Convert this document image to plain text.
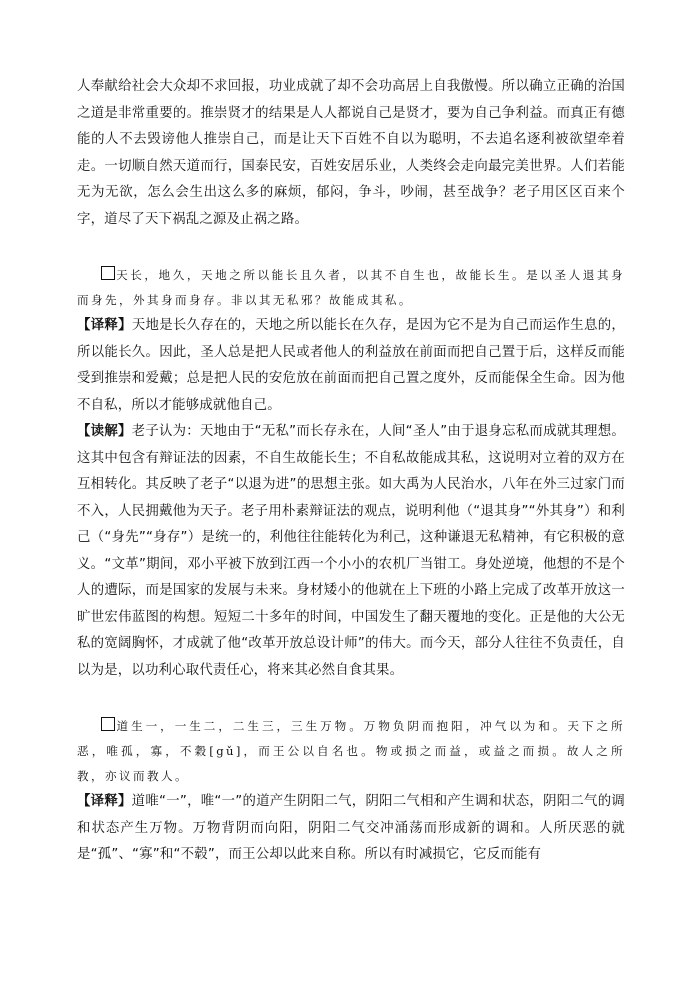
人奉献给社会大众却不求回报，功业成就了却不会功高居上自我傲慢。所以确立正确的治国之道是非常重要的。推崇贤才的结果是人人都说自己是贤才，要为自己争利益。而真正有德能的人不去毁谤他人推崇自己，而是让天下百姓不自以为聪明，不去追名逐利被欲望牵着走。一切顺自然天道而行，国泰民安，百姓安居乐业，人类终会走向最完美世界。人们若能无为无欲，怎么会生出这么多的麻烦，郁闷，争斗，吵闹，甚至战争？老子用区区百来个字，道尽了天下祸乱之源及止祸之路。

天长，地久，天地之所以能长且久者，以其不自生也，故能长生。是以圣人退其身而身先，外其身而身存。非以其无私邪？故能成其私。

【译释】天地是长久存在的，天地之所以能长在久存，是因为它不是为自己而运作生息的，所以能长久。因此，圣人总是把人民或者他人的利益放在前面而把自己置于后，这样反而能受到推崇和爱戴；总是把人民的安危放在前面而把自己置之度外，反而能保全生命。因为他不自私，所以才能够成就他自己。

【读解】老子认为：天地由于“无私”而长存永在，人间“圣人”由于退身忘私而成就其理想。这其中包含有辩证法的因素，不自生故能长生；不自私故能成其私，这说明对立着的双方在互相转化。其反映了老子“以退为进”的思想主张。如大禹为人民治水，八年在外三过家门而不入，人民拥戴他为天子。老子用朴素辩证法的观点，说明利他（“退其身”“外其身”）和利己（“身先”“身存”）是统一的，利他往往能转化为利己，这种谦退无私精神，有它积极的意义。“文革”期间，邓小平被下放到江西一个小小的农机厂当钳工。身处逆境，他想的不是个人的遭际，而是国家的发展与未来。身材矮小的他就在上下班的小路上完成了改革开放这一旷世宏伟蓝图的构想。短短二十多年的时间，中国发生了翻天覆地的变化。正是他的大公无私的宽阔胸怀，才成就了他“改革开放总设计师”的伟大。而今天，部分人往往不负责任，自以为是，以功利心取代责任心，将来其必然自食其果。

道生一，一生二，二生三，三生万物。万物负阴而抱阳，冲气以为和。天下之所恶，唯孤，寡，不穀[gǔ]，而王公以自名也。物或损之而益，或益之而损。故人之所教，亦议而教人。

【译释】道唯“一”，唯“一”的道产生阴阳二气，阴阳二气相和产生调和状态，阴阳二气的调和状态产生万物。万物背阴而向阳，阴阳二气交冲涌荡而形成新的调和。人所厌恶的就是“孤”、“寡”和“不毂”，而王公却以此来自称。所以有时减损它，它反而能有
